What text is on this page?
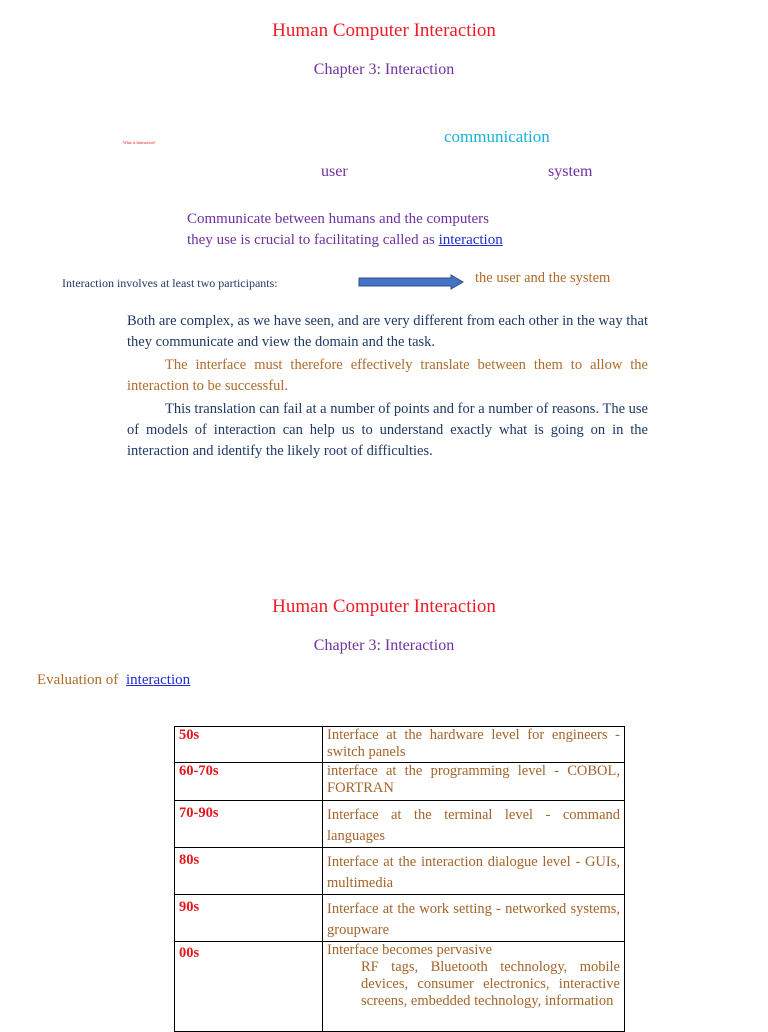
Human Computer Interaction
Chapter 3: Interaction
What is Interaction?	communication
user	system
Communicate between humans and the computers
they use is crucial to facilitating called as interaction
Interaction involves at least two participants:	the user and the system
Both are complex, as we have seen, and are very different from each other in the way that they communicate and view the domain and the task.
The interface must therefore effectively translate between them to allow the interaction to be successful.
This translation can fail at a number of points and for a number of reasons. The use of models of interaction can help us to understand exactly what is going on in the interaction and identify the likely root of difficulties.
Human Computer Interaction
Chapter 3: Interaction
Evaluation of interaction
50s	Interface at the hardware level for engineers - switch panels
60-70s	interface at the programming level - COBOL, FORTRAN
70-90s	Interface at the terminal level - command languages
80s	Interface at the interaction dialogue level - GUIs, multimedia
90s	Interface at the work setting - networked systems, groupware
00s	Interface becomes pervasive
RF tags, Bluetooth technology, mobile devices, consumer electronics, interactive screens, embedded technology, information
